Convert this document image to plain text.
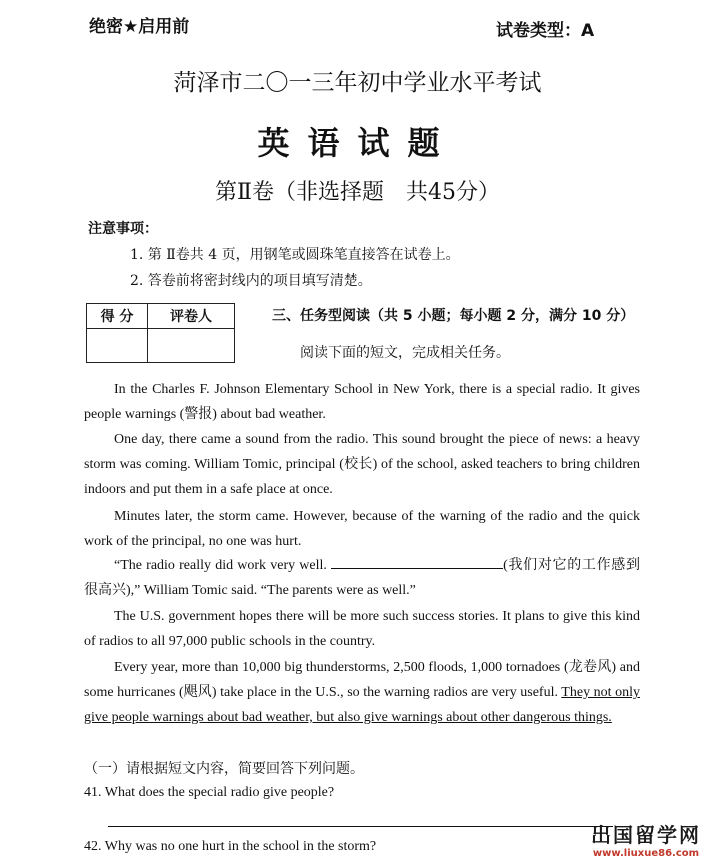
绝密★启用前	试卷类型：A
菏泽市二〇一三年初中学业水平考试
英语试题
第Ⅱ卷（非选择题　共45分）
注意事项：
1. 第 Ⅱ卷共 4 页，用钢笔或圆珠笔直接答在试卷上。
2. 答卷前将密封线内的项目填写清楚。
得 分	评卷人
		三、任务型阅读（共 5 小题；每小题 2 分，满分 10 分）
阅读下面的短文，完成相关任务。

In the Charles F. Johnson Elementary School in New York, there is a special radio. It gives people warnings (警报) about bad weather.

One day, there came a sound from the radio. This sound brought the piece of news: a heavy storm was coming. William Tomic, principal (校长) of the school, asked teachers to bring children indoors and put them in a safe place at once.

Minutes later, the storm came. However, because of the warning of the radio and the quick work of the principal, no one was hurt.

“The radio really did work very well.	(我们对它的工作感到很高兴),” William Tomic said. “The parents were as well.”

The U.S. government hopes there will be more such success stories. It plans to give this kind of radios to all 97,000 public schools in the country.

Every year, more than 10,000 big thunderstorms, 2,500 floods, 1,000 tornadoes (龙卷风) and some hurricanes (飓风) take place in the U.S., so the warning radios are very useful. They not only give people warnings about bad weather, but also give warnings about other dangerous things.

（一）请根据短文内容，简要回答下列问题。
41. What does the special radio give people?
42. Why was no one hurt in the school in the storm?	出国留学网
www.liuxue86.com
